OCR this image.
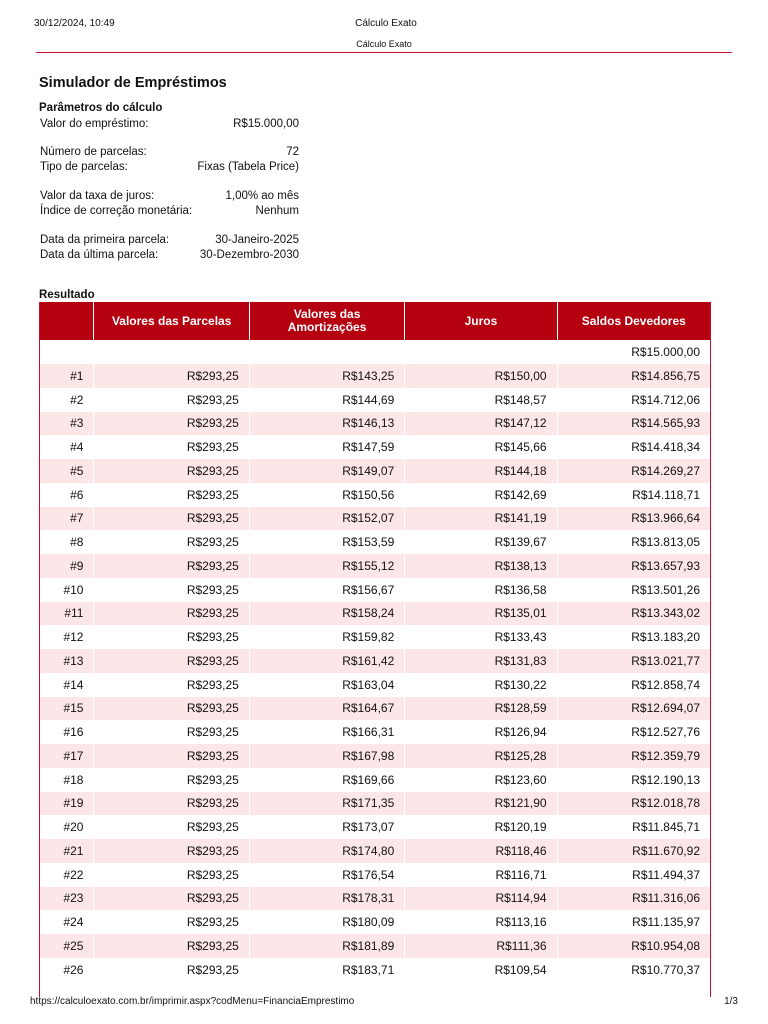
30/12/2024, 10:49	Cálculo Exato
Cálculo Exato
Simulador de Empréstimos
Parâmetros do cálculo
Valor do empréstimo:	R$15.000,00
Número de parcelas:	72
Tipo de parcelas:	Fixas (Tabela Price)
Valor da taxa de juros:	1,00% ao mês
Índice de correção monetária:	Nenhum
Data da primeira parcela:	30-Janeiro-2025
Data da última parcela:	30-Dezembro-2030
Resultado
	Valores das Parcelas	Valores das Amortizações	Juros	Saldos Devedores
				R$15.000,00
#1	R$293,25	R$143,25	R$150,00	R$14.856,75
#2	R$293,25	R$144,69	R$148,57	R$14.712,06
#3	R$293,25	R$146,13	R$147,12	R$14.565,93
#4	R$293,25	R$147,59	R$145,66	R$14.418,34
#5	R$293,25	R$149,07	R$144,18	R$14.269,27
#6	R$293,25	R$150,56	R$142,69	R$14.118,71
#7	R$293,25	R$152,07	R$141,19	R$13.966,64
#8	R$293,25	R$153,59	R$139,67	R$13.813,05
#9	R$293,25	R$155,12	R$138,13	R$13.657,93
#10	R$293,25	R$156,67	R$136,58	R$13.501,26
#11	R$293,25	R$158,24	R$135,01	R$13.343,02
#12	R$293,25	R$159,82	R$133,43	R$13.183,20
#13	R$293,25	R$161,42	R$131,83	R$13.021,77
#14	R$293,25	R$163,04	R$130,22	R$12.858,74
#15	R$293,25	R$164,67	R$128,59	R$12.694,07
#16	R$293,25	R$166,31	R$126,94	R$12.527,76
#17	R$293,25	R$167,98	R$125,28	R$12.359,79
#18	R$293,25	R$169,66	R$123,60	R$12.190,13
#19	R$293,25	R$171,35	R$121,90	R$12.018,78
#20	R$293,25	R$173,07	R$120,19	R$11.845,71
#21	R$293,25	R$174,80	R$118,46	R$11.670,92
#22	R$293,25	R$176,54	R$116,71	R$11.494,37
#23	R$293,25	R$178,31	R$114,94	R$11.316,06
#24	R$293,25	R$180,09	R$113,16	R$11.135,97
#25	R$293,25	R$181,89	R$111,36	R$10.954,08
#26	R$293,25	R$183,71	R$109,54	R$10.770,37
https://calculoexato.com.br/imprimir.aspx?codMenu=FinanciaEmprestimo	1/3
